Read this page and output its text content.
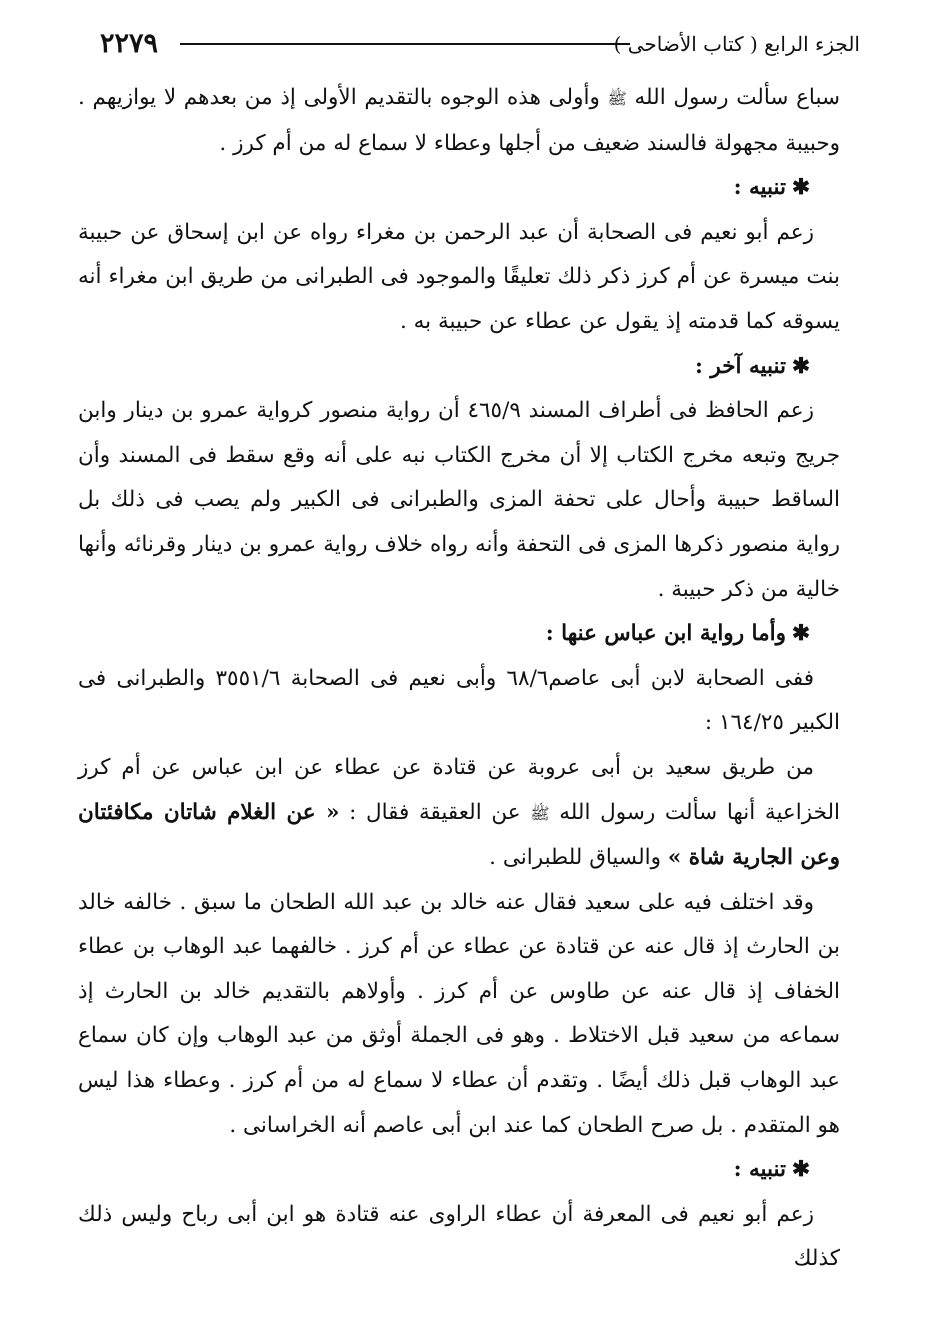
٢٢٧٩	الجزء الرابع ( كتاب الأضاحى )

سباع سألت رسول الله ﷺ وأولى هذه الوجوه بالتقديم الأولى إذ من بعدهم لا يوازيهم . وحبيبة مجهولة فالسند ضعيف من أجلها وعطاء لا سماع له من أم كرز .

✱تنبيه :

زعم أبو نعيم فى الصحابة أن عبد الرحمن بن مغراء رواه عن ابن إسحاق عن حبيبة بنت ميسرة عن أم كرز ذكر ذلك تعليقًا والموجود فى الطبرانى من طريق ابن مغراء أنه يسوقه كما قدمته إذ يقول عن عطاء عن حبيبة به .

✱تنبيه آخر :

زعم الحافظ فى أطراف المسند ٤٦٥/٩ أن رواية منصور كرواية عمرو بن دينار وابن جريج وتبعه مخرج الكتاب إلا أن مخرج الكتاب نبه على أنه وقع سقط فى المسند وأن الساقط حبيبة وأحال على تحفة المزى والطبرانى فى الكبير ولم يصب فى ذلك بل رواية منصور ذكرها المزى فى التحفة وأنه رواه خلاف رواية عمرو بن دينار وقرنائه وأنها خالية من ذكر حبيبة .

✱وأما رواية ابن عباس عنها :

ففى الصحابة لابن أبى عاصم٦٨/٦ وأبى نعيم فى الصحابة ٣٥٥١/٦ والطبرانى فى الكبير ١٦٤/٢٥ :

من طريق سعيد بن أبى عروبة عن قتادة عن عطاء عن ابن عباس عن أم كرز الخزاعية أنها سألت رسول الله ﷺ عن العقيقة فقال : « عن الغلام شاتان مكافئتان وعن الجارية شاة » والسياق للطبرانى .

وقد اختلف فيه على سعيد فقال عنه خالد بن عبد الله الطحان ما سبق . خالفه خالد بن الحارث إذ قال عنه عن قتادة عن عطاء عن أم كرز . خالفهما عبد الوهاب بن عطاء الخفاف إذ قال عنه عن طاوس عن أم كرز . وأولاهم بالتقديم خالد بن الحارث إذ سماعه من سعيد قبل الاختلاط . وهو فى الجملة أوثق من عبد الوهاب وإن كان سماع عبد الوهاب قبل ذلك أيضًا . وتقدم أن عطاء لا سماع له من أم كرز . وعطاء هذا ليس هو المتقدم . بل صرح الطحان كما عند ابن أبى عاصم أنه الخراسانى .

✱تنبيه :

زعم أبو نعيم فى المعرفة أن عطاء الراوى عنه قتادة هو ابن أبى رباح وليس ذلك كذلك
